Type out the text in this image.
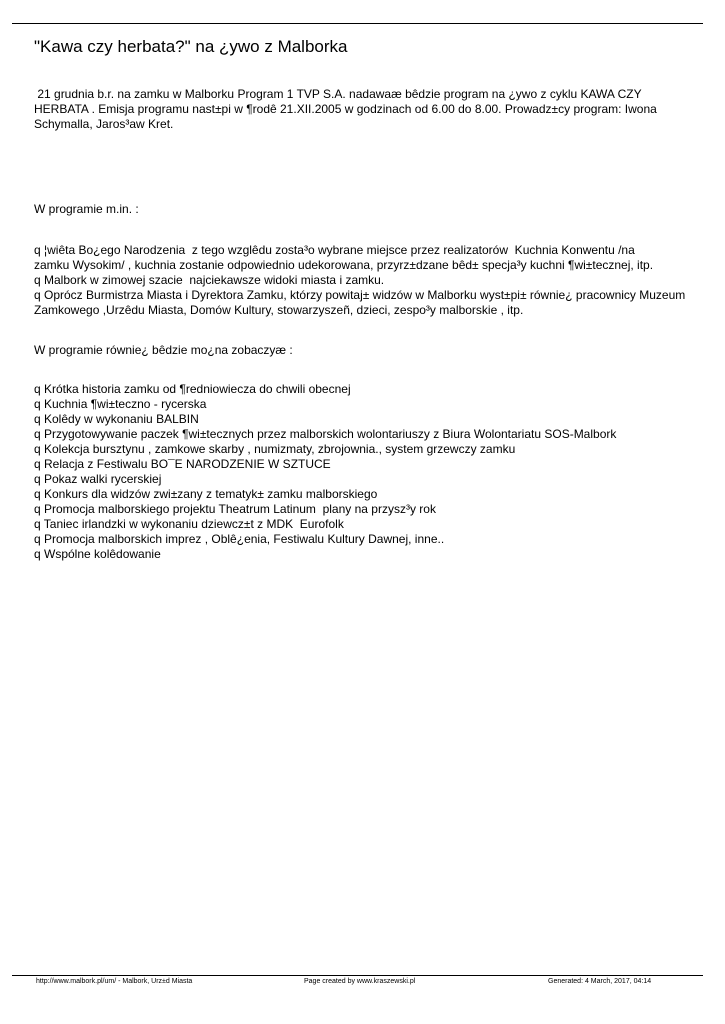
"Kawa czy herbata?" na ¿ywo z Malborka
21 grudnia b.r. na zamku w Malborku Program 1 TVP S.A. nadawaæ bêdzie program na ¿ywo z cyklu KAWA CZY
HERBATA . Emisja programu nast±pi w ¶rodê 21.XII.2005 w godzinach od 6.00 do 8.00. Prowadz±cy program: Iwona
Schymalla, Jaros³aw Kret.
W programie m.in. :
q ¦wiêta Bo¿ego Narodzenia  z tego wzglêdu zosta³o wybrane miejsce przez realizatorów  Kuchnia Konwentu /na
zamku Wysokim/ , kuchnia zostanie odpowiednio udekorowana, przyrz±dzane bêd± specja³y kuchni ¶wi±tecznej, itp.
q Malbork w zimowej szacie  najciekawsze widoki miasta i zamku.
q Oprócz Burmistrza Miasta i Dyrektora Zamku, którzy powitaj± widzów w Malborku wyst±pi± równie¿ pracownicy Muzeum
Zamkowego ,Urzêdu Miasta, Domów Kultury, stowarzyszeñ, dzieci, zespo³y malborskie , itp.
W programie równie¿ bêdzie mo¿na zobaczyæ :
q Krótka historia zamku od ¶redniowiecza do chwili obecnej
q Kuchnia ¶wi±teczno - rycerska
q Kolêdy w wykonaniu BALBIN
q Przygotowywanie paczek ¶wi±tecznych przez malborskich wolontariuszy z Biura Wolontariatu SOS-Malbork
q Kolekcja bursztynu , zamkowe skarby , numizmaty, zbrojownia., system grzewczy zamku
q Relacja z Festiwalu BO¯E NARODZENIE W SZTUCE
q Pokaz walki rycerskiej
q Konkurs dla widzów zwi±zany z tematyk± zamku malborskiego
q Promocja malborskiego projektu Theatrum Latinum  plany na przysz³y rok
q Taniec irlandzki w wykonaniu dziewcz±t z MDK  Eurofolk
q Promocja malborskich imprez , Oblê¿enia, Festiwalu Kultury Dawnej, inne..
q Wspólne kolêdowanie
http://www.malbork.pl/um/ - Malbork, Urz±d Miasta	Page created by www.kraszewski.pl	Generated: 4 March, 2017, 04:14
